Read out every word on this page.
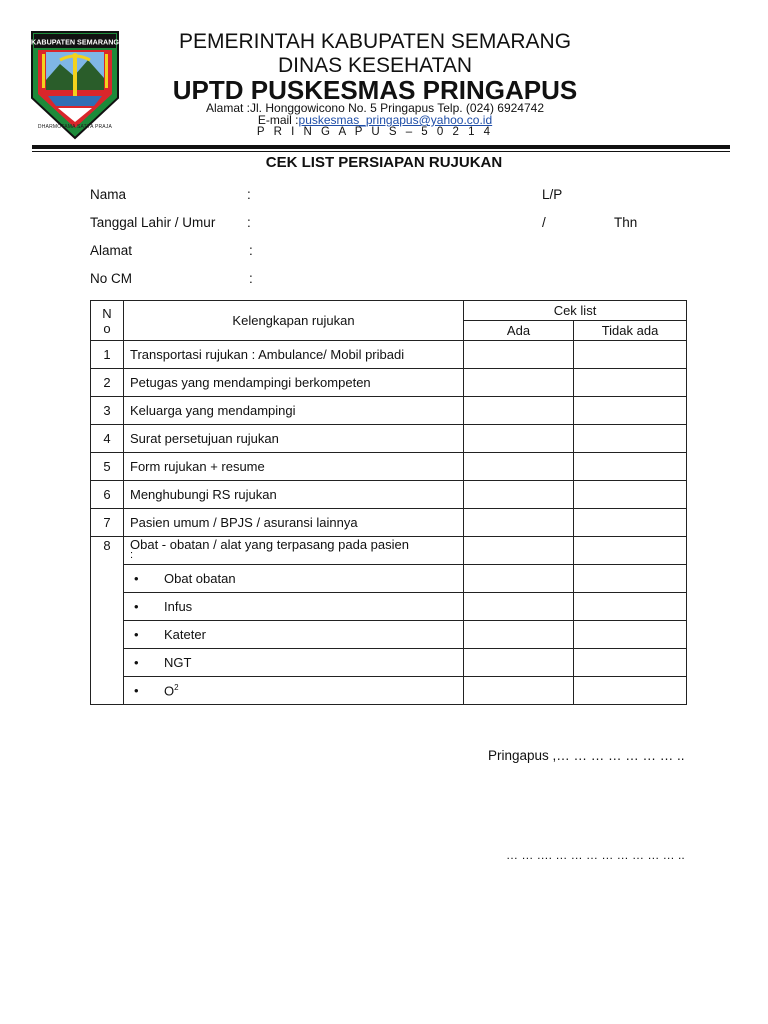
KABUPATEN SEMARANG
DHARMOTAMA SATYA PRAJA
PEMERINTAH KABUPATEN SEMARANG
DINAS KESEHATAN
UPTD PUSKESMAS PRINGAPUS
Alamat :Jl. Honggowicono No. 5 Pringapus Telp. (024) 6924742
E-mail :puskesmas_pringapus@yahoo.co.id
P R I N G A P U S – 5 0 2 1 4
CEK LIST PERSIAPAN RUJUKAN
Nama	:	L/P
Tanggal Lahir / Umur :	/	Thn
Alamat	:
No CM	:
N
o	Kelengkapan rujukan	Cek list	
		Ada	Tidak ada
1	Transportasi rujukan : Ambulance/ Mobil pribadi		
2	Petugas yang mendampingi berkompeten		
3	Keluarga yang mendampingi		
4	Surat persetujuan rujukan		
5	Form rujukan + resume		
6	Menghubungi RS rujukan		
7	Pasien umum / BPJS / asuransi lainnya		
8	Obat - obatan / alat yang terpasang pada pasien
:		

	• Obat obatan		
	• Infus		
	• Kateter		
	• NGT		
	• $O^2$		
Pringapus ,… … … … … … … ..
… … …. … … … … … … … … ..
